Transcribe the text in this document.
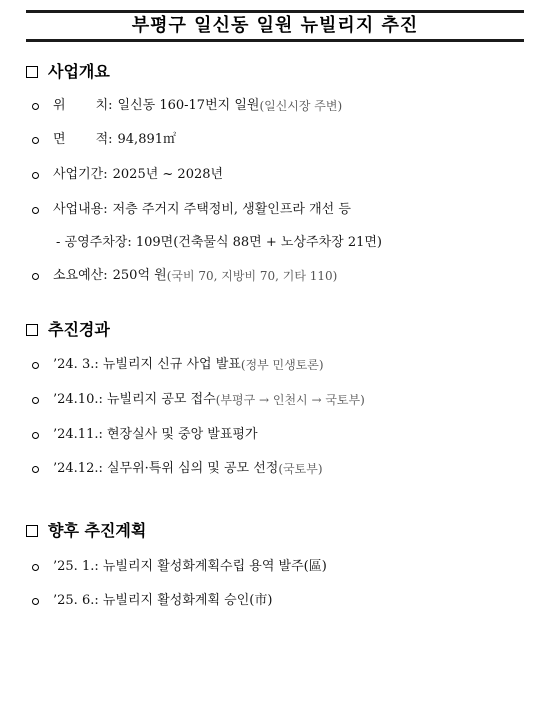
부평구 일신동 일원 뉴빌리지 추진
사업개요
위 치 : 일신동 160-17번지 일원 (일신시장 주변)
면 적 : 94,891㎡
사업기간: 2025년 ~ 2028년
사업내용: 저층 주거지 주택정비, 생활인프라 개선 등
- 공영주차장: 109면(건축물식 88면 + 노상주차장 21면)
소요예산: 250억 원 (국비 70, 지방비 70, 기타 110)
추진경과
’24. 3.: 뉴빌리지 신규 사업 발표 (정부 민생토론)
’24.10.: 뉴빌리지 공모 접수 (부평구 → 인천시 → 국토부)
’24.11.: 현장실사 및 중앙 발표평가
’24.12.: 실무위·특위 심의 및 공모 선정 (국토부)
향후 추진계획
’25. 1.: 뉴빌리지 활성화계획수립 용역 발주 (區)
’25. 6.: 뉴빌리지 활성화계획 승인 (市)
